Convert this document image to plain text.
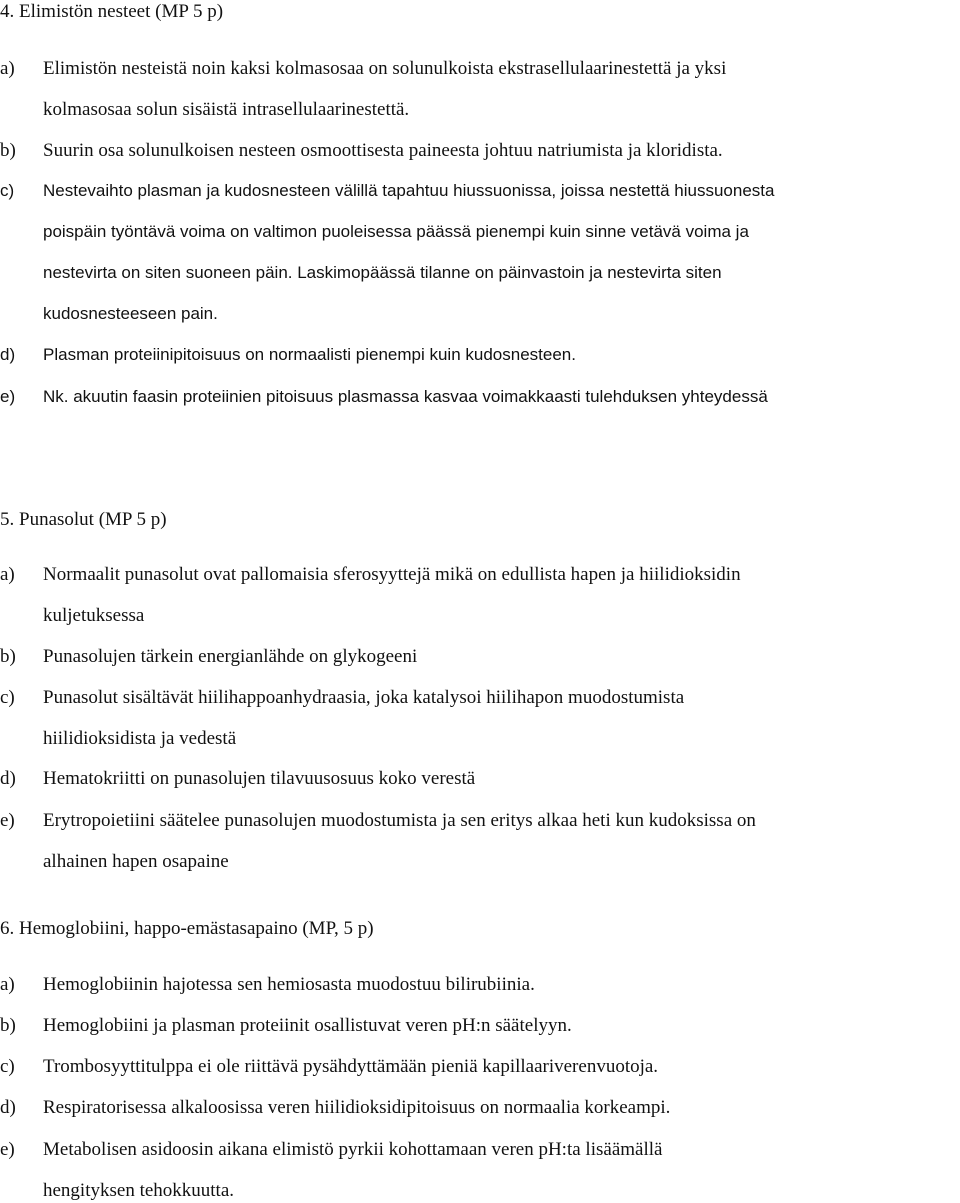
4. Elimistön nesteet (MP 5 p)
a) Elimistön nesteistä noin kaksi kolmasosaa on solunulkoista ekstrasellulaarinestettä ja yksi
kolmasosaa solun sisäistä intrasellulaarinestettä.
b) Suurin osa solunulkoisen nesteen osmoottisesta paineesta johtuu natriumista ja kloridista.
c) Nestevaihto plasman ja kudosnesteen välillä tapahtuu hiussuonissa, joissa nestettä hiussuonesta
poispäin työntävä voima on valtimon puoleisessa päässä pienempi kuin sinne vetävä voima ja
nestevirta on siten suoneen päin. Laskimopäässä tilanne on päinvastoin ja nestevirta siten
kudosnesteeseen pain.
d) Plasman proteiinipitoisuus on normaalisti pienempi kuin kudosnesteen.
e) Nk. akuutin faasin proteiinien pitoisuus plasmassa kasvaa voimakkaasti tulehduksen yhteydessä
5. Punasolut (MP 5 p)
a) Normaalit punasolut ovat pallomaisia sferosyyttejä mikä on edullista hapen ja hiilidioksidin
kuljetuksessa
b) Punasolujen tärkein energianlähde on glykogeeni
c) Punasolut sisältävät hiilihappoanhydraasia, joka katalysoi hiilihapon muodostumista
hiilidioksidista ja vedestä
d) Hematokriitti on punasolujen tilavuusosuus koko verestä
e) Erytropoietiini säätelee punasolujen muodostumista ja sen eritys alkaa heti kun kudoksissa on
alhainen hapen osapaine
6. Hemoglobiini, happo-emästasapaino (MP, 5 p)
a) Hemoglobiinin hajotessa sen hemiosasta muodostuu bilirubiinia.
b) Hemoglobiini ja plasman proteiinit osallistuvat veren pH:n säätelyyn.
c) Trombosyyttitulppa ei ole riittävä pysähdyttämään pieniä kapillaariverenvuotoja.
d) Respiratorisessa alkaloosissa veren hiilidioksidipitoisuus on normaalia korkeampi.
e) Metabolisen asidoosin aikana elimistö pyrkii kohottamaan veren pH:ta lisäämällä
hengityksen tehokkuutta.
